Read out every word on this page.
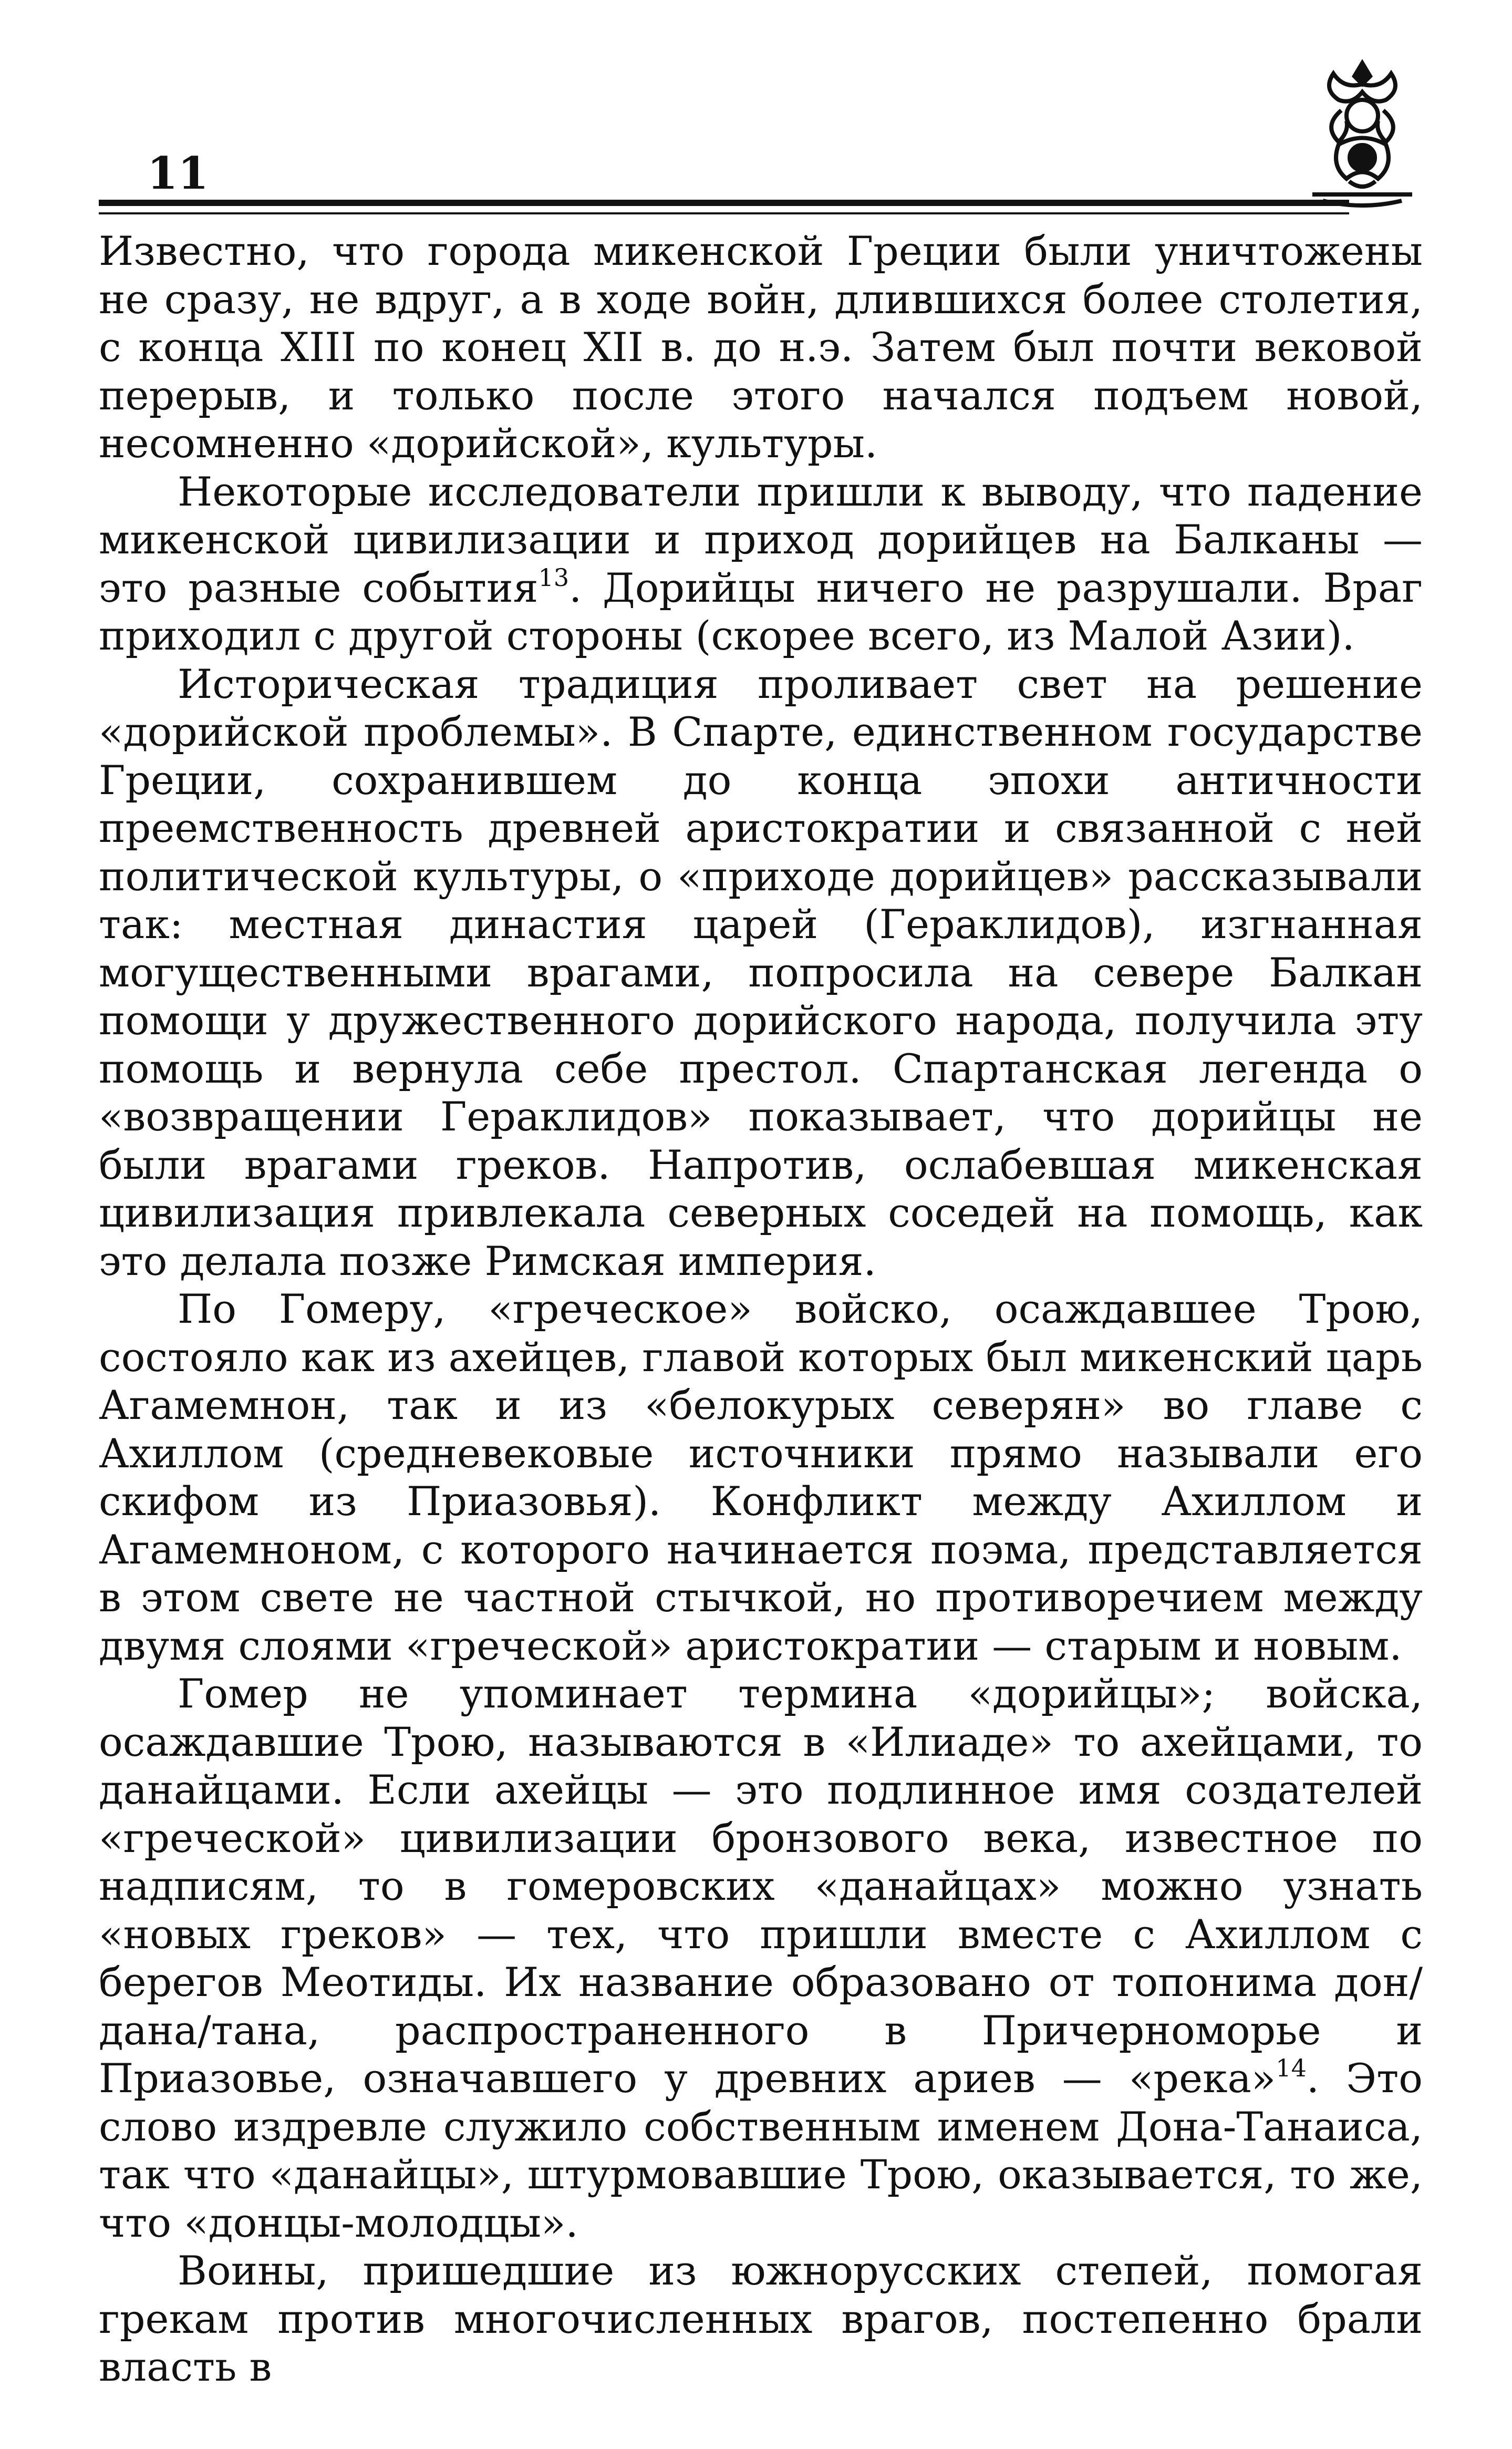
11

Известно, что города микенской Греции были уничтожены не сразу, не вдруг, а в ходе войн, длившихся более столетия, с конца XIII по конец XII в. до н.э. Затем был почти вековой перерыв, и только после этого начался подъем новой, несомненно «дорийской», культуры.

Некоторые исследователи пришли к выводу, что падение микенской цивилизации и приход дорийцев на Балканы — это разные события$^{13}$. Дорийцы ничего не разрушали. Враг приходил с другой стороны (скорее всего, из Малой Азии).

Историческая традиция проливает свет на решение «дорийской проблемы». В Спарте, единственном государстве Греции, сохранившем до конца эпохи античности преемственность древней аристократии и связанной с ней политической культуры, о «приходе дорийцев» рассказывали так: местная династия царей (Гераклидов), изгнанная могущественными врагами, попросила на севере Балкан помощи у дружественного дорийского народа, получила эту помощь и вернула себе престол. Спартанская легенда о «возвращении Гераклидов» показывает, что дорийцы не были врагами греков. Напротив, ослабевшая микенская цивилизация привлекала северных соседей на помощь, как это делала позже Римская империя.

По Гомеру, «греческое» войско, осаждавшее Трою, состояло как из ахейцев, главой которых был микенский царь Агамемнон, так и из «белокурых северян» во главе с Ахиллом (средневековые источники прямо называли его скифом из Приазовья). Конфликт между Ахиллом и Агамемноном, с которого начинается поэма, представляется в этом свете не частной стычкой, но противоречием между двумя слоями «греческой» аристократии — старым и новым.

Гомер не упоминает термина «дорийцы»; войска, осаждавшие Трою, называются в «Илиаде» то ахейцами, то данайцами. Если ахейцы — это подлинное имя создателей «греческой» цивилизации бронзового века, известное по надписям, то в гомеровских «данайцах» можно узнать «новых греков» — тех, что пришли вместе с Ахиллом с берегов Меотиды. Их название образовано от топонима дон/дана/тана, распространенного в Причерноморье и Приазовье, означавшего у древних ариев — «река»$^{14}$. Это слово издревле служило собственным именем Дона-Танаиса, так что «данайцы», штурмовавшие Трою, оказывается, то же, что «донцы-молодцы».

Воины, пришедшие из южнорусских степей, помогая грекам против многочисленных врагов, постепенно брали власть в
